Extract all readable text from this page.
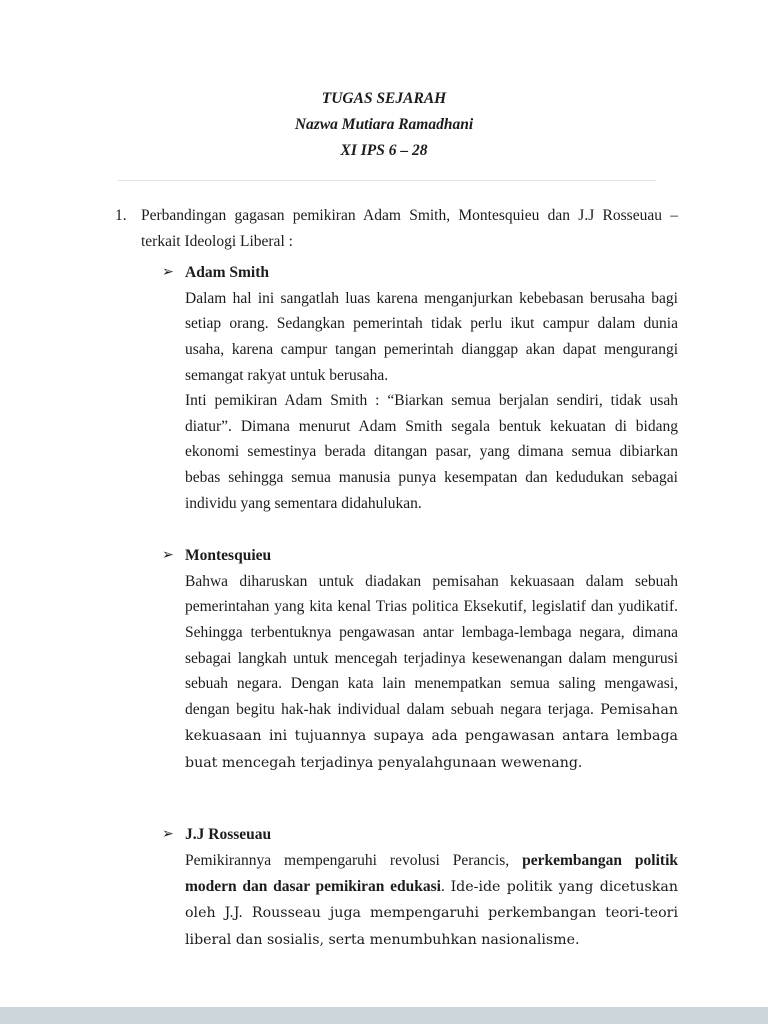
TUGAS SEJARAH
Nazwa Mutiara Ramadhani
XI IPS 6 – 28
1. Perbandingan gagasan pemikiran Adam Smith, Montesquieu dan J.J Rosseuau – terkait Ideologi Liberal :

➢ Adam Smith

Dalam hal ini sangatlah luas karena menganjurkan kebebasan berusaha bagi setiap orang. Sedangkan pemerintah tidak perlu ikut campur dalam dunia usaha, karena campur tangan pemerintah dianggap akan dapat mengurangi semangat rakyat untuk berusaha.

Inti pemikiran Adam Smith : “Biarkan semua berjalan sendiri, tidak usah diatur”. Dimana menurut Adam Smith segala bentuk kekuatan di bidang ekonomi semestinya berada ditangan pasar, yang dimana semua dibiarkan bebas sehingga semua manusia punya kesempatan dan kedudukan sebagai individu yang sementara didahulukan.

➢ Montesquieu

Bahwa diharuskan untuk diadakan pemisahan kekuasaan dalam sebuah pemerintahan yang kita kenal Trias politica Eksekutif, legislatif dan yudikatif. Sehingga terbentuknya pengawasan antar lembaga-lembaga negara, dimana sebagai langkah untuk mencegah terjadinya kesewenangan dalam mengurusi sebuah negara. Dengan kata lain menempatkan semua saling mengawasi, dengan begitu hak-hak individual dalam sebuah negara terjaga. Pemisahan kekuasaan ini tujuannya supaya ada pengawasan antara lembaga buat mencegah terjadinya penyalahgunaan wewenang.

➢ J.J Rosseuau

Pemikirannya mempengaruhi revolusi Perancis, perkembangan politik modern dan dasar pemikiran edukasi. Ide-ide politik yang dicetuskan oleh J.J. Rousseau juga mempengaruhi perkembangan teori-teori liberal dan sosialis, serta menumbuhkan nasionalisme.
